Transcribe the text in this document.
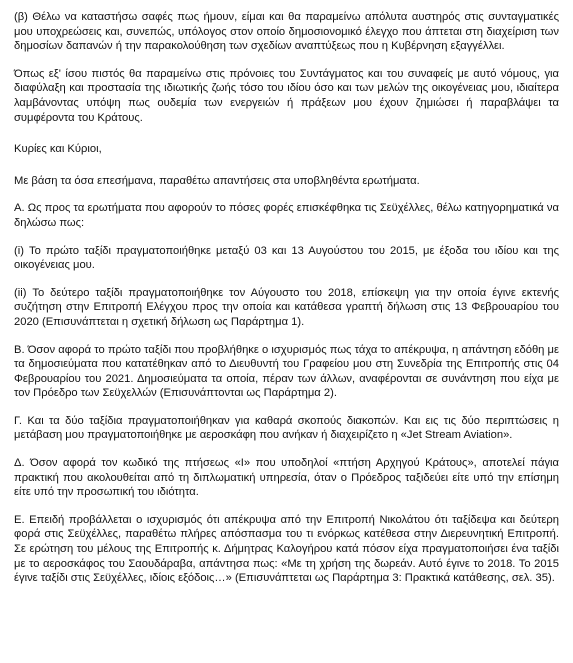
(β) Θέλω να καταστήσω σαφές πως ήμουν, είμαι και θα παραμείνω απόλυτα αυστηρός στις συνταγματικές μου υποχρεώσεις και, συνεπώς, υπόλογος στον οποίο δημοσιονομικό έλεγχο που άπτεται στη διαχείριση των δημοσίων δαπανών ή την παρακολούθηση των σχεδίων αναπτύξεως που η Κυβέρνηση εξαγγέλλει.

Όπως εξ' ίσου πιστός θα παραμείνω στις πρόνοιες του Συντάγματος και του συναφείς με αυτό νόμους, για διαφύλαξη και προστασία της ιδιωτικής ζωής τόσο του ιδίου όσο και των μελών της οικογένειας μου, ιδιαίτερα λαμβάνοντας υπόψη πως ουδεμία των ενεργειών ή πράξεων μου έχουν ζημιώσει ή παραβλάψει τα συμφέροντα του Κράτους.

Κυρίες και Κύριοι,

Με βάση τα όσα επεσήμανα, παραθέτω απαντήσεις στα υποβληθέντα ερωτήματα.

Α. Ως προς τα ερωτήματα που αφορούν το πόσες φορές επισκέφθηκα τις Σεϋχέλλες, θέλω κατηγορηματικά να δηλώσω πως:

(i) Το πρώτο ταξίδι πραγματοποιήθηκε μεταξύ 03 και 13 Αυγούστου του 2015, με έξοδα του ιδίου και της οικογένειας μου.

(ii) Το δεύτερο ταξίδι πραγματοποιήθηκε τον Αύγουστο του 2018, επίσκεψη για την οποία έγινε εκτενής συζήτηση στην Επιτροπή Ελέγχου προς την οποία και κατάθεσα γραπτή δήλωση στις 13 Φεβρουαρίου του 2020 (Επισυνάπτεται η σχετική δήλωση ως Παράρτημα 1).

Β. Όσον αφορά το πρώτο ταξίδι που προβλήθηκε ο ισχυρισμός πως τάχα το απέκρυψα, η απάντηση εδόθη με τα δημοσιεύματα που κατατέθηκαν από το Διευθυντή του Γραφείου μου στη Συνεδρία της Επιτροπής στις 04 Φεβρουαρίου του 2021. Δημοσιεύματα τα οποία, πέραν των άλλων, αναφέρονται σε συνάντηση που είχα με τον Πρόεδρο των Σεϋχελλών (Επισυνάπτονται ως Παράρτημα 2).

Γ. Και τα δύο ταξίδια πραγματοποιήθηκαν για καθαρά σκοπούς διακοπών. Και εις τις δύο περιπτώσεις η μετάβαση μου πραγματοποιήθηκε με αεροσκάφη που ανήκαν ή διαχειρίζετο η «Jet Stream Aviation».

Δ. Όσον αφορά τον κωδικό της πτήσεως «Ι» που υποδηλοί «πτήση Αρχηγού Κράτους», αποτελεί πάγια πρακτική που ακολουθείται από τη διπλωματική υπηρεσία, όταν ο Πρόεδρος ταξιδεύει είτε υπό την επίσημη είτε υπό την προσωπική του ιδιότητα.

Ε. Επειδή προβάλλεται ο ισχυρισμός ότι απέκρυψα από την Επιτροπή Νικολάτου ότι ταξίδεψα και δεύτερη φορά στις Σεϋχέλλες, παραθέτω πλήρες απόσπασμα του τι ενόρκως κατέθεσα στην Διερευνητική Επιτροπή. Σε ερώτηση του μέλους της Επιτροπής κ. Δήμητρας Καλογήρου κατά πόσον είχα πραγματοποιήσει ένα ταξίδι με το αεροσκάφος του Σαουδάραβα, απάντησα πως: «Με τη χρήση της δωρεάν. Αυτό έγινε το 2018. Το 2015 έγινε ταξίδι στις Σεϋχέλλες, ιδίοις εξόδοις…» (Επισυνάπτεται ως Παράρτημα 3: Πρακτικά κατάθεσης, σελ. 35).
